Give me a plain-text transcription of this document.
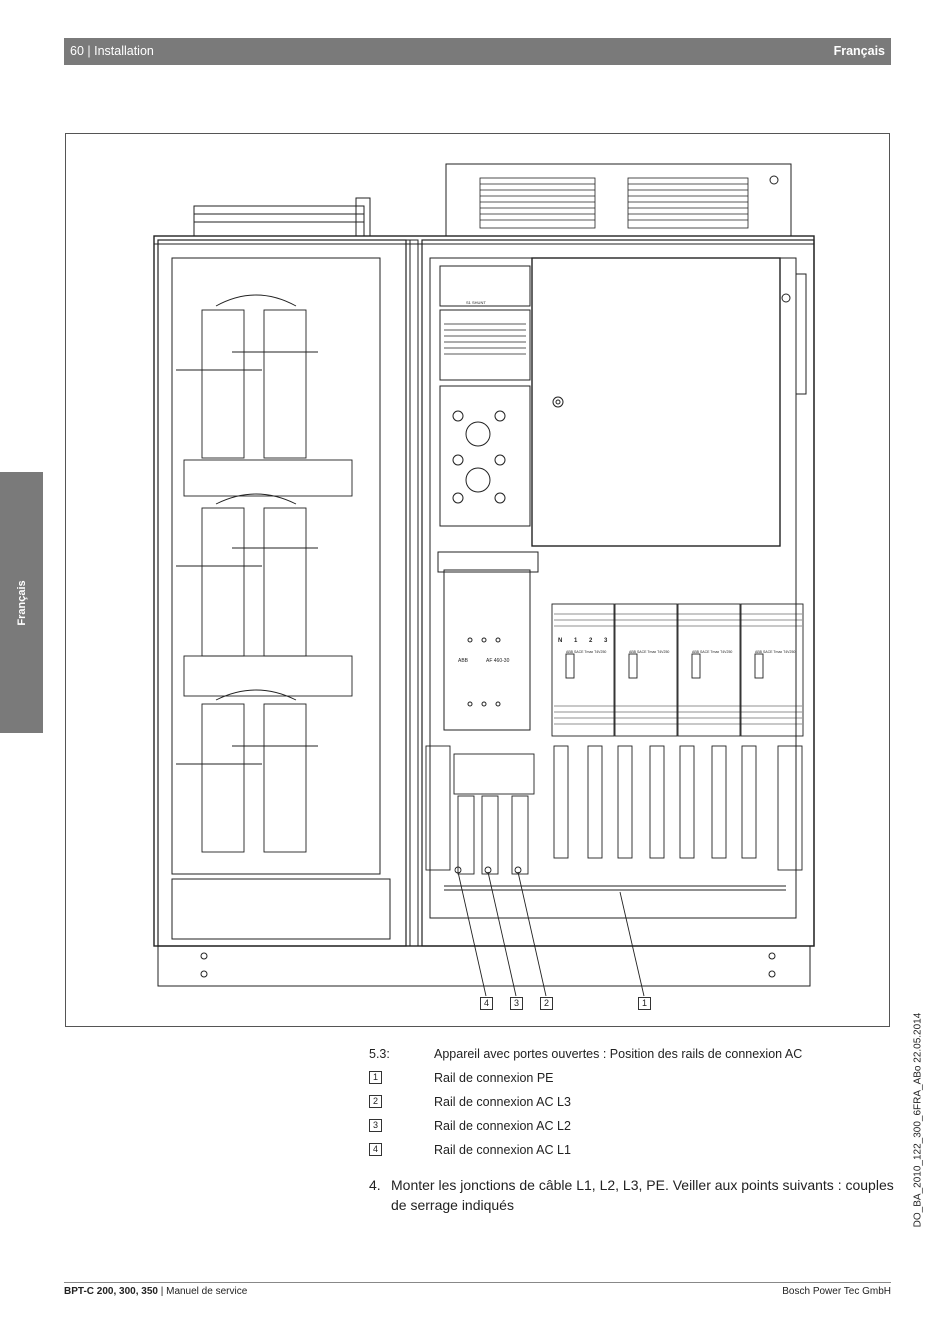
60 | Installation	Français
Français
DO_BA_2010_122_300_6FRA_ABo 22.05.2014
4	3	2	1
S1 SHUNT
ABB	AF 460-30
ABB SACE Tmax T4V250	ABB SACE Tmax T4V250	ABB SACE Tmax T4V250	ABB SACE Tmax T4V250
N 1 2 3
5.3:	Appareil avec portes ouvertes : Position des rails de connexion AC
1	Rail de connexion PE
2	Rail de connexion AC L3
3	Rail de connexion AC L2
4	Rail de connexion AC L1
4. Monter les jonctions de câble L1, L2, L3, PE. Veiller aux points suivants : couples de serrage indiqués
BPT-C 200, 300, 350 | Manuel de service	Bosch Power Tec GmbH
